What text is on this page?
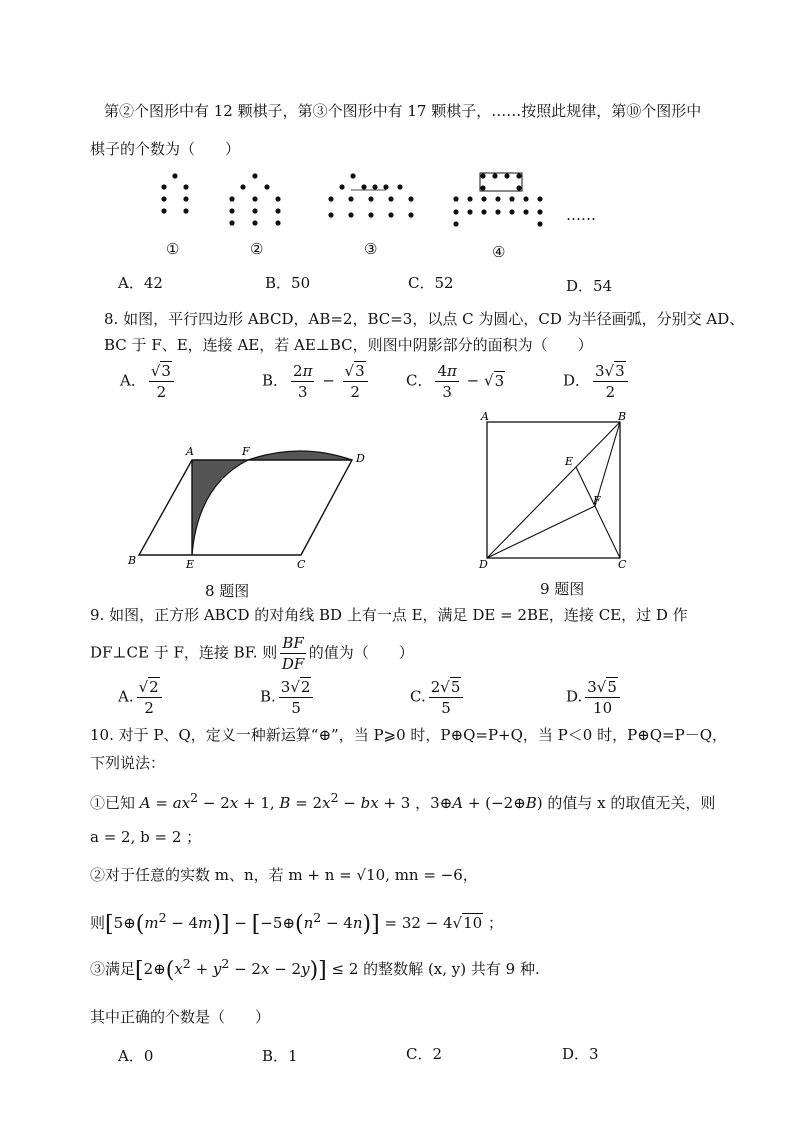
第②个图形中有 12 颗棋子，第③个图形中有 17 颗棋子，……按照此规律，第⑩个图形中
棋子的个数为（　　）
……
①	②	③	④
A．42	B．50	C．52	D．54
8. 如图，平行四边形 ABCD，AB=2，BC=3，以点 C 为圆心，CD 为半径画弧，分别交 AD、
BC 于 F、E，连接 AE，若 AE⊥BC，则图中阴影部分的面积为（　　）
A． $\frac{√3}{2}$	B． $\frac{2\pi}{3} - \frac{√3}{2}$	C． $\frac{4\pi}{3} - √3$	D． $\frac{3√3}{2}$
A	F
D
B	E	C
8 题图
A	B
E
F
D	C
9 题图
9. 如图，正方形 ABCD 的对角线 BD 上有一点 E，满足 DE = 2BE，连接 CE，过 D 作
DF⊥CE 于 F，连接 BF. 则 $\frac{BF}{DF}$ 的值为（　　）
A. $\frac{√2}{2}$	B. $\frac{3√2}{5}$	C. $\frac{2√5}{5}$	D. $\frac{3√5}{10}$
10. 对于 P、Q，定义一种新运算“⊕”，当 P⩾0 时，P⊕Q=P+Q，当 P＜0 时，P⊕Q=P－Q，
下列说法：
①已知 $A = ax^2 - 2x + 1$, $B = 2x^2$ − bx + 3 ，3⊕A + (−2⊕B) 的值与 x 的取值无关，则
a = 2, b = 2 ；
②对于任意的实数 m、n，若 m + n = √10, mn = −6，
则$[5\oplus(m^2 - 4m)]$ − $[-5\oplus(n^2 - 4n)] = 32 - 4√10$ ；
③满足$[2\oplus(x^2 + y^2 - 2x - 2y)] \le 2$ 的整数解 (x, y) 共有 9 种.
其中正确的个数是（　　）
A．0	B．1	C．2	D．3
